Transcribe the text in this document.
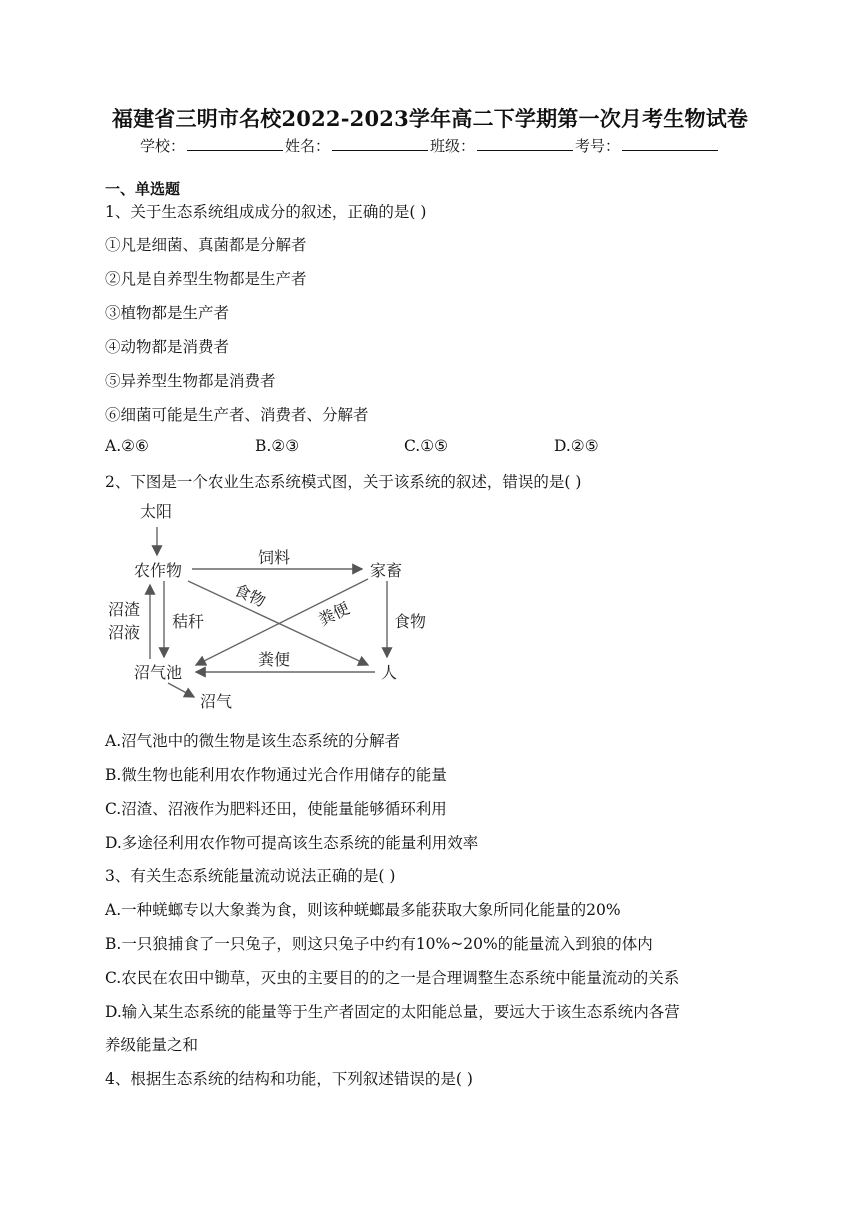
福建省三明市名校2022-2023学年高二下学期第一次月考生物试卷
学校：	姓名：	班级：	考号：
一、单选题
1、关于生态系统组成成分的叙述，正确的是( )
①凡是细菌、真菌都是分解者
②凡是自养型生物都是生产者
③植物都是生产者
④动物都是消费者
⑤异养型生物都是消费者
⑥细菌可能是生产者、消费者、分解者
A.②⑥	B.②③	C.①⑤	D.②⑤
2、下图是一个农业生态系统模式图，关于该系统的叙述，错误的是( )
太阳
农作物	家畜
沼气池	人
饲料
食物
粪便	食物
秸秆
沼渣
沼液
粪便
沼气
A.沼气池中的微生物是该生态系统的分解者
B.微生物也能利用农作物通过光合作用储存的能量
C.沼渣、沼液作为肥料还田，使能量能够循环利用
D.多途径利用农作物可提高该生态系统的能量利用效率
3、有关生态系统能量流动说法正确的是( )
A.一种蜣螂专以大象粪为食，则该种蜣螂最多能获取大象所同化能量的20%
B.一只狼捕食了一只兔子，则这只兔子中约有10%~20%的能量流入到狼的体内
C.农民在农田中锄草，灭虫的主要目的的之一是合理调整生态系统中能量流动的关系
D.输入某生态系统的能量等于生产者固定的太阳能总量，要远大于该生态系统内各营
养级能量之和
4、根据生态系统的结构和功能，下列叙述错误的是( )
